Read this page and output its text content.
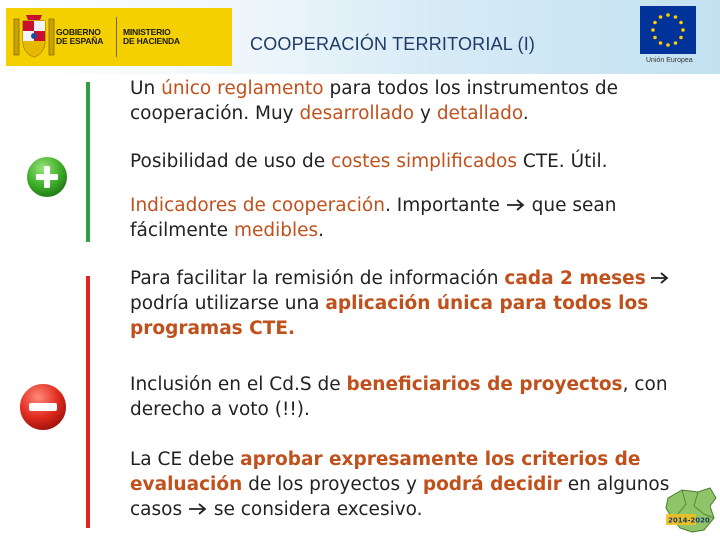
GOBIERNO DE ESPAÑA
MINISTERIO DE HACIENDA	COOPERACIÓN TERRITORIAL (I)
Unión Europea

Un único reglamento para todos los instrumentos de cooperación. Muy desarrollado y detallado.

Posibilidad de uso de costes simplificados CTE. Útil.

Indicadores de cooperación. Importante  que sean fácilmente medibles.

Para facilitar la remisión de información cada 2 meses podría utilizarse una aplicación única para todos los programas CTE.

Inclusión en el Cd.S de beneficiarios de proyectos, con derecho a voto (!!).

La CE debe aprobar expresamente los criterios de evaluación de los proyectos y podrá decidir en algunos casos  se considera excesivo.

2014-2020
